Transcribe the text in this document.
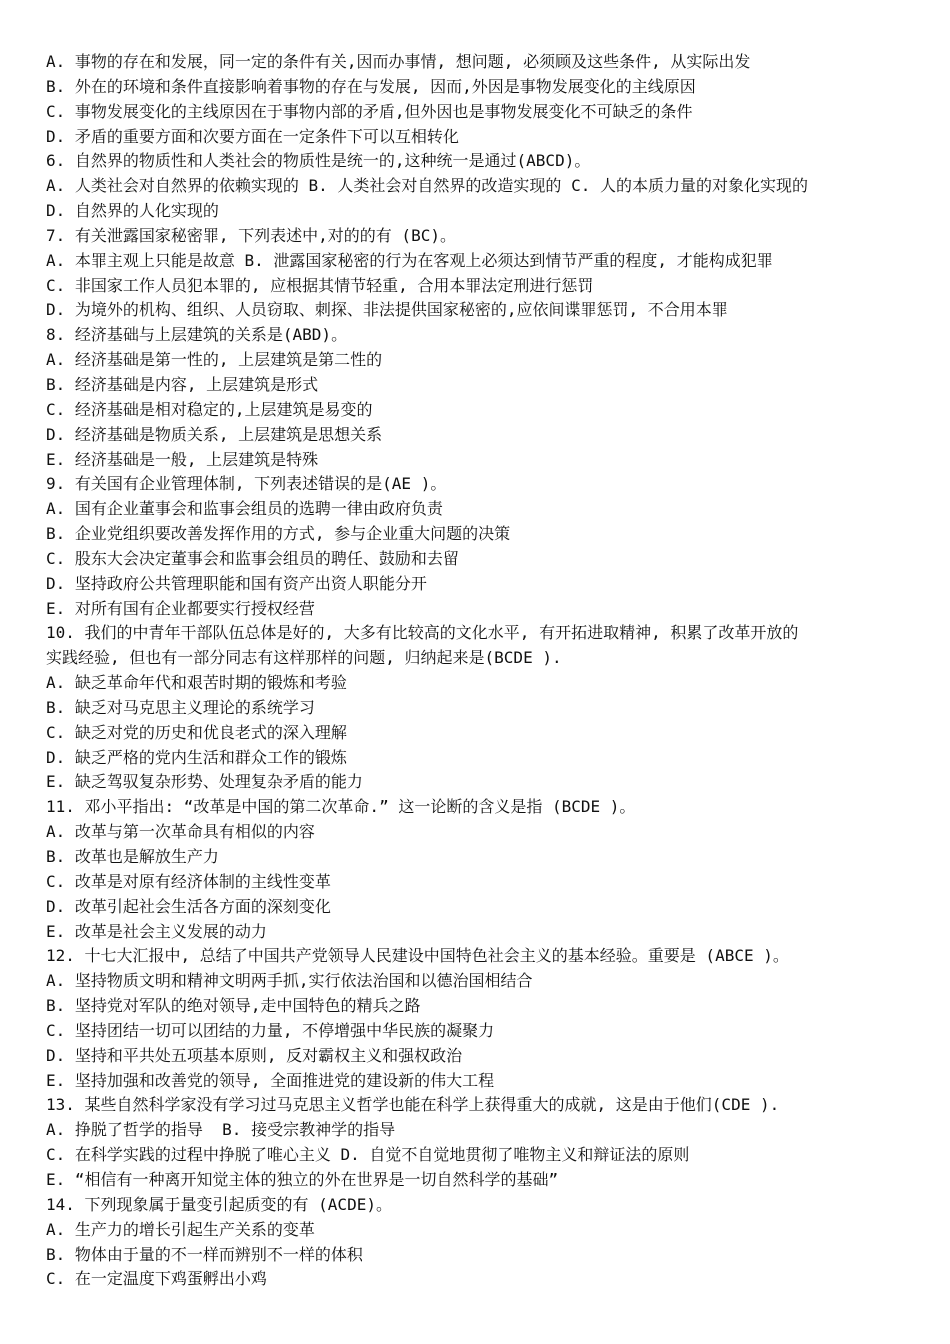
A. 事物的存在和发展，同一定的条件有关,因而办事情, 想问题, 必须顾及这些条件, 从实际出发
B. 外在的环境和条件直接影响着事物的存在与发展, 因而,外因是事物发展变化的主线原因
C. 事物发展变化的主线原因在于事物内部的矛盾,但外因也是事物发展变化不可缺乏的条件
D. 矛盾的重要方面和次要方面在一定条件下可以互相转化
6. 自然界的物质性和人类社会的物质性是统一的,这种统一是通过(ABCD)。
A. 人类社会对自然界的依赖实现的 B. 人类社会对自然界的改造实现的 C. 人的本质力量的对象化实现的
D. 自然界的人化实现的
7. 有关泄露国家秘密罪, 下列表述中,对的的有 (BC)。
A. 本罪主观上只能是故意 B. 泄露国家秘密的行为在客观上必须达到情节严重的程度, 才能构成犯罪
C. 非国家工作人员犯本罪的, 应根据其情节轻重, 合用本罪法定刑进行惩罚
D. 为境外的机构、组织、人员窃取、刺探、非法提供国家秘密的,应依间谍罪惩罚, 不合用本罪
8. 经济基础与上层建筑的关系是(ABD)。
A. 经济基础是第一性的, 上层建筑是第二性的
B. 经济基础是内容, 上层建筑是形式
C. 经济基础是相对稳定的,上层建筑是易变的
D. 经济基础是物质关系, 上层建筑是思想关系
E. 经济基础是一般, 上层建筑是特殊
9. 有关国有企业管理体制, 下列表述错误的是(AE )。
A. 国有企业董事会和监事会组员的选聘一律由政府负责
B. 企业党组织要改善发挥作用的方式, 参与企业重大问题的决策
C. 股东大会决定董事会和监事会组员的聘任、鼓励和去留
D. 坚持政府公共管理职能和国有资产出资人职能分开
E. 对所有国有企业都要实行授权经营
10. 我们的中青年干部队伍总体是好的, 大多有比较高的文化水平, 有开拓进取精神, 积累了改革开放的
实践经验, 但也有一部分同志有这样那样的问题, 归纳起来是(BCDE ).
A. 缺乏革命年代和艰苦时期的锻炼和考验
B. 缺乏对马克思主义理论的系统学习
C. 缺乏对党的历史和优良老式的深入理解
D. 缺乏严格的党内生活和群众工作的锻炼
E. 缺乏驾驭复杂形势、处理复杂矛盾的能力
11. 邓小平指出: “改革是中国的第二次革命.” 这一论断的含义是指 (BCDE )。
A. 改革与第一次革命具有相似的内容
B. 改革也是解放生产力
C. 改革是对原有经济体制的主线性变革
D. 改革引起社会生活各方面的深刻变化
E. 改革是社会主义发展的动力
12. 十七大汇报中, 总结了中国共产党领导人民建设中国特色社会主义的基本经验。重要是 (ABCE )。
A. 坚持物质文明和精神文明两手抓,实行依法治国和以德治国相结合
B. 坚持党对军队的绝对领导,走中国特色的精兵之路
C. 坚持团结一切可以团结的力量, 不停增强中华民族的凝聚力
D. 坚持和平共处五项基本原则, 反对霸权主义和强权政治
E. 坚持加强和改善党的领导, 全面推进党的建设新的伟大工程
13. 某些自然科学家没有学习过马克思主义哲学也能在科学上获得重大的成就, 这是由于他们(CDE ).
A. 挣脱了哲学的指导  B. 接受宗教神学的指导
C. 在科学实践的过程中挣脱了唯心主义 D. 自觉不自觉地贯彻了唯物主义和辩证法的原则
E. “相信有一种离开知觉主体的独立的外在世界是一切自然科学的基础”
14. 下列现象属于量变引起质变的有 (ACDE)。
A. 生产力的增长引起生产关系的变革
B. 物体由于量的不一样而辨别不一样的体积
C. 在一定温度下鸡蛋孵出小鸡
